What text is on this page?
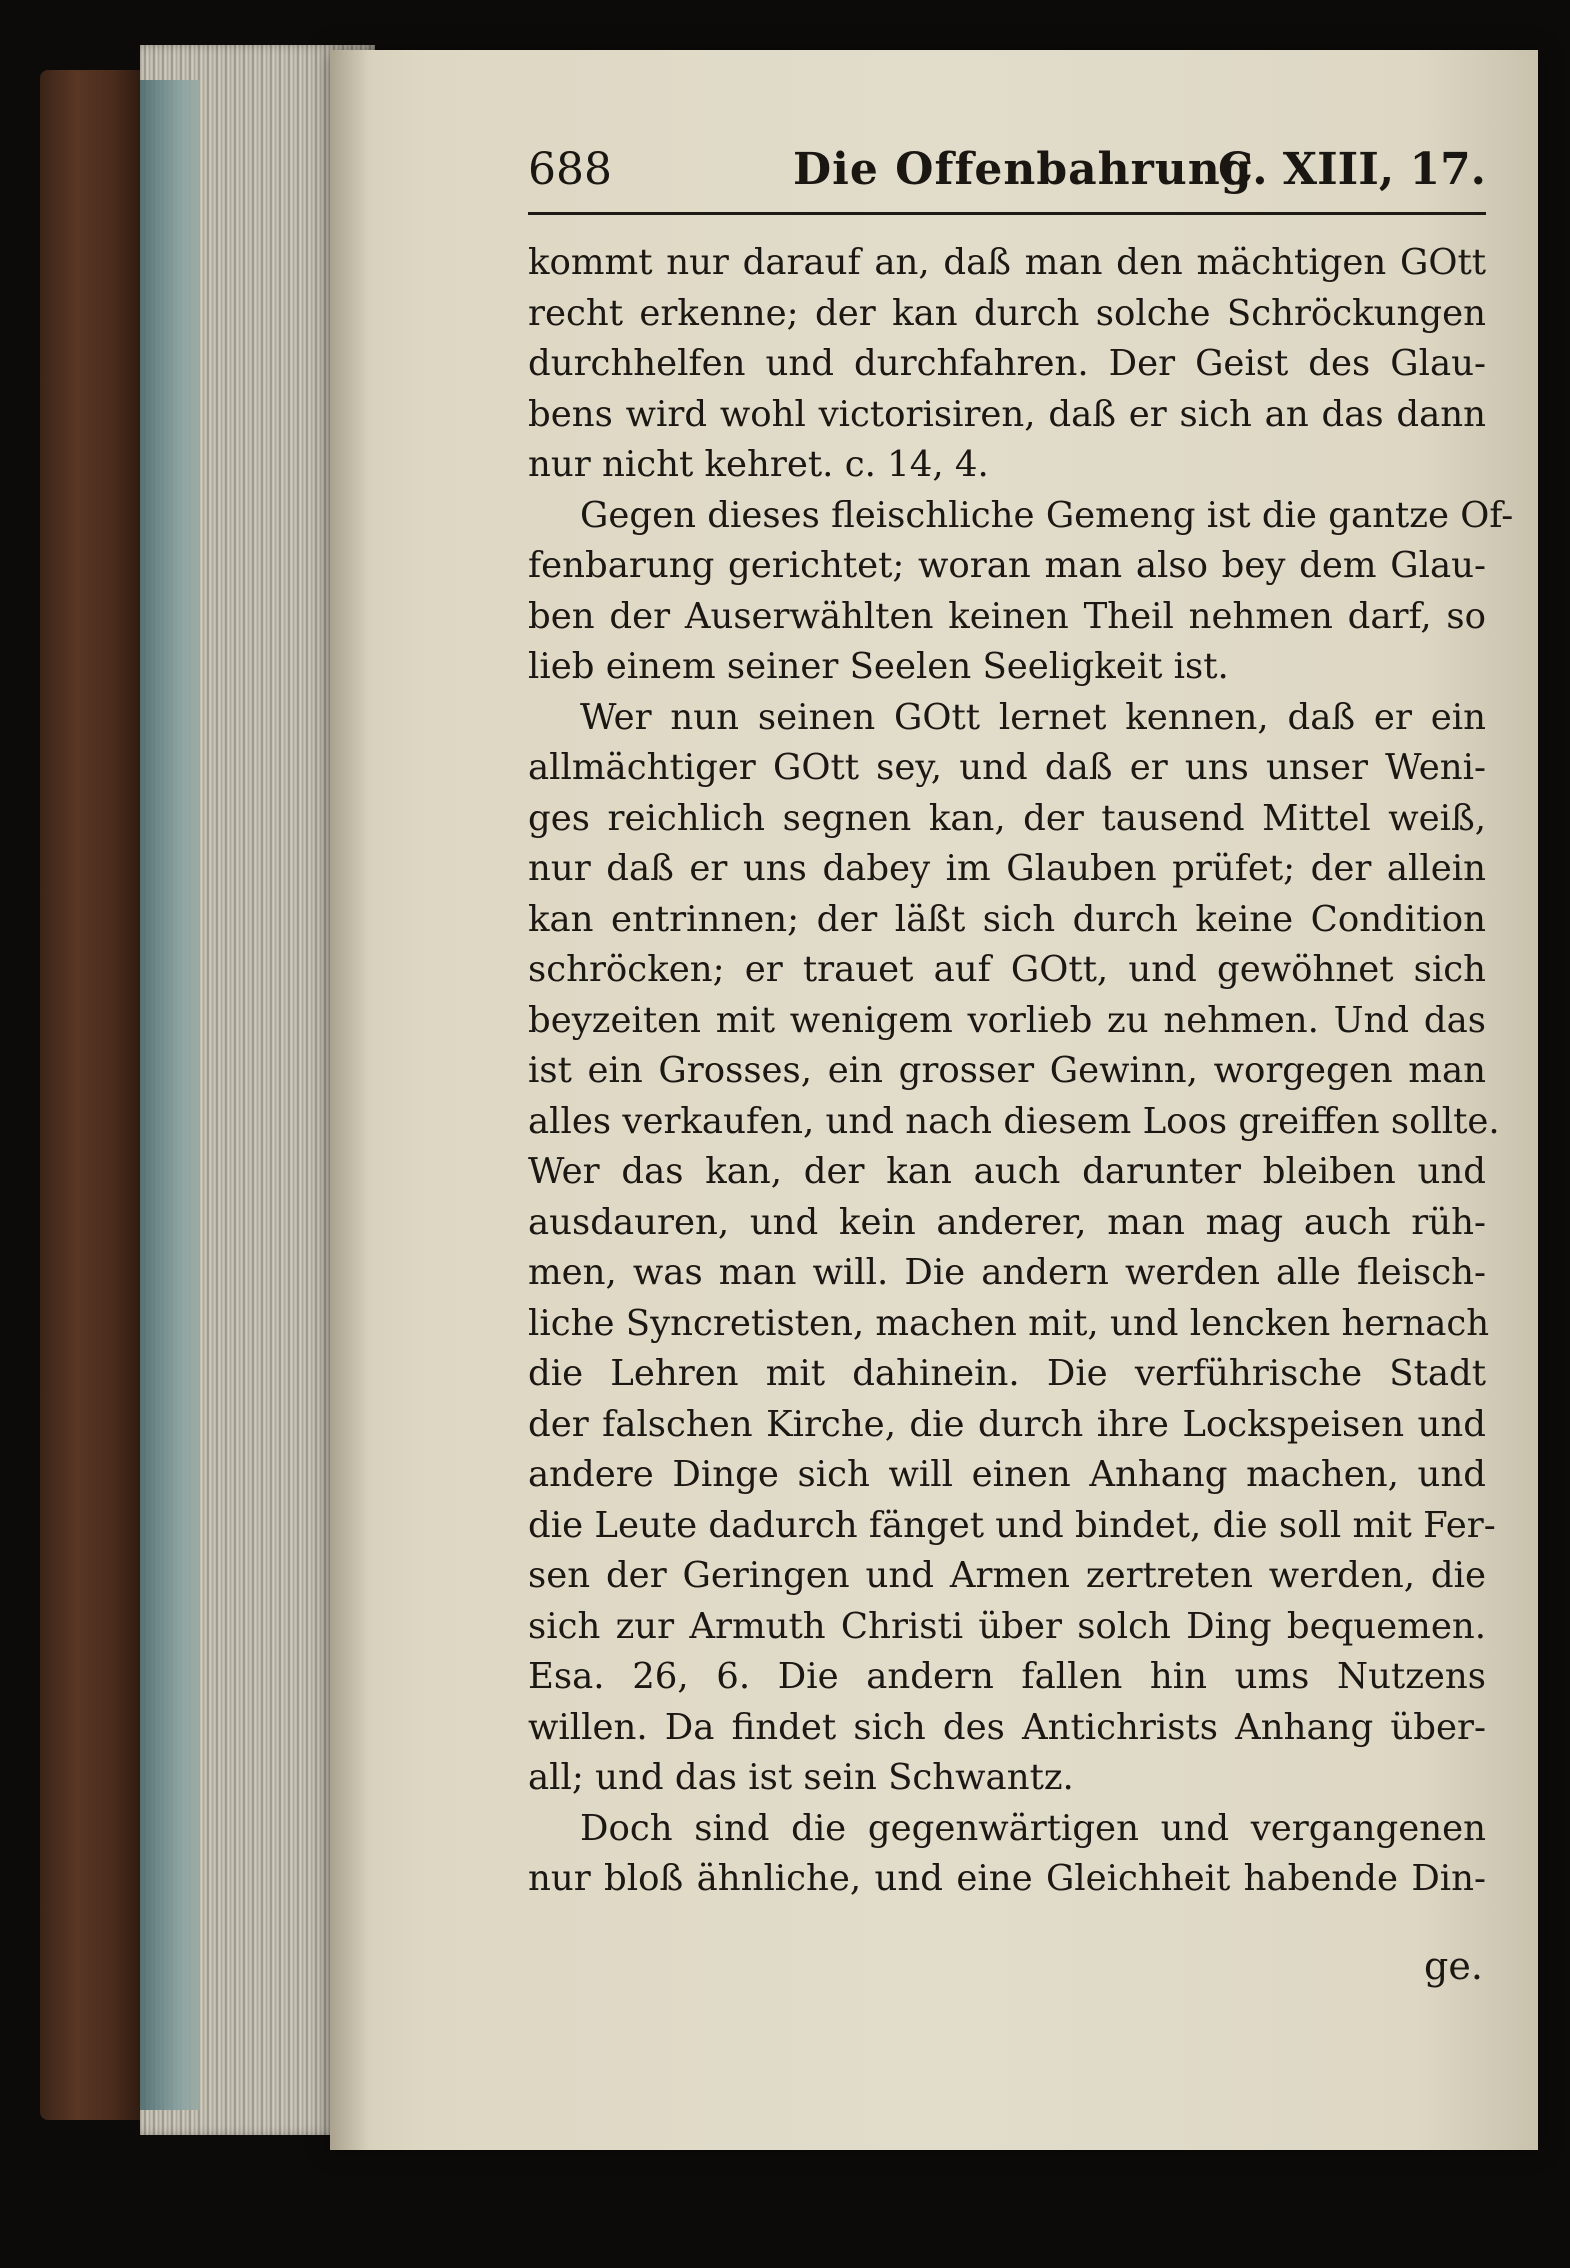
688	Die Offenbahrung
C. XIII, 17.
kommt nur darauf an, daß man den mächtigen GOtt
recht erkenne; der kan durch solche Schröckungen
durchhelfen und durchfahren. Der Geist des Glau-
bens wird wohl victorisiren, daß er sich an das dann
nur nicht kehret. c. 14, 4.
Gegen dieses fleischliche Gemeng ist die gantze Of-
fenbarung gerichtet; woran man also bey dem Glau-
ben der Auserwählten keinen Theil nehmen darf, so
lieb einem seiner Seelen Seeligkeit ist.
Wer nun seinen GOtt lernet kennen, daß er ein
allmächtiger GOtt sey, und daß er uns unser Weni-
ges reichlich segnen kan, der tausend Mittel weiß,
nur daß er uns dabey im Glauben prüfet; der allein
kan entrinnen; der läßt sich durch keine Condition
schröcken; er trauet auf GOtt, und gewöhnet sich
beyzeiten mit wenigem vorlieb zu nehmen. Und das
ist ein Grosses, ein grosser Gewinn, worgegen man
alles verkaufen, und nach diesem Loos greiffen sollte.
Wer das kan, der kan auch darunter bleiben und
ausdauren, und kein anderer, man mag auch rüh-
men, was man will. Die andern werden alle fleisch-
liche Syncretisten, machen mit, und lencken hernach
die Lehren mit dahinein. Die verführische Stadt
der falschen Kirche, die durch ihre Lockspeisen und
andere Dinge sich will einen Anhang machen, und
die Leute dadurch fänget und bindet, die soll mit Fer-
sen der Geringen und Armen zertreten werden, die
sich zur Armuth Christi über solch Ding bequemen.
Esa. 26, 6. Die andern fallen hin ums Nutzens
willen. Da findet sich des Antichrists Anhang über-
all; und das ist sein Schwantz.
Doch sind die gegenwärtigen und vergangenen
nur bloß ähnliche, und eine Gleichheit habende Din-
ge.
